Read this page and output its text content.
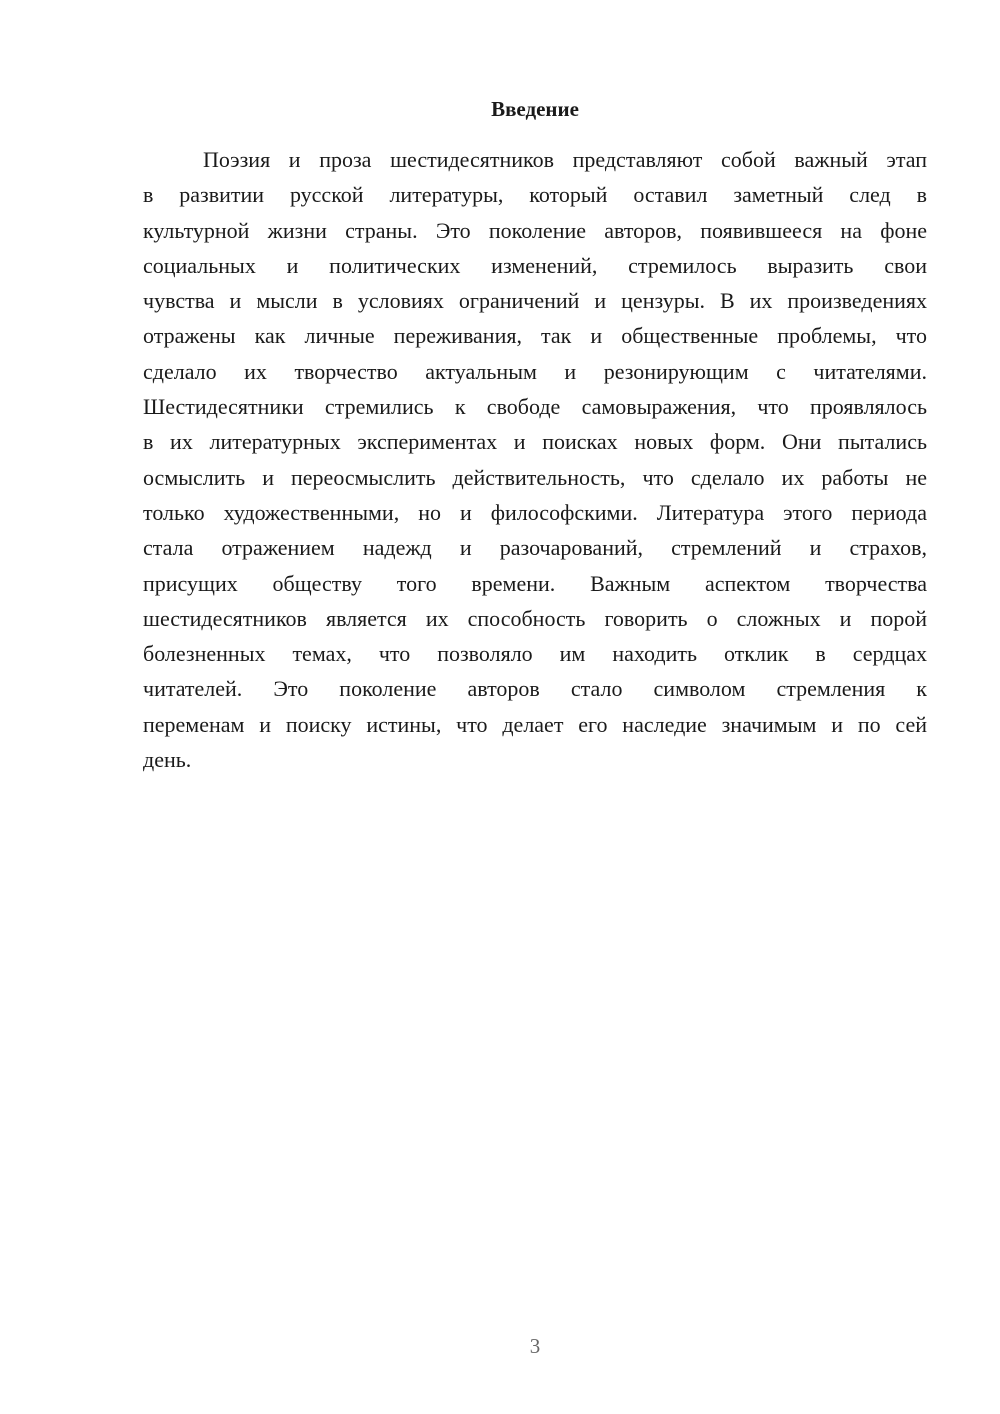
Введение
Поэзия и проза шестидесятников представляют собой важный этап
в развитии русской литературы, который оставил заметный след в
культурной жизни страны. Это поколение авторов, появившееся на фоне
социальных и политических изменений, стремилось выразить свои
чувства и мысли в условиях ограничений и цензуры. В их произведениях
отражены как личные переживания, так и общественные проблемы, что
сделало их творчество актуальным и резонирующим с читателями.
Шестидесятники стремились к свободе самовыражения, что проявлялось
в их литературных экспериментах и поисках новых форм. Они пытались
осмыслить и переосмыслить действительность, что сделало их работы не
только художественными, но и философскими. Литература этого периода
стала отражением надежд и разочарований, стремлений и страхов,
присущих обществу того времени. Важным аспектом творчества
шестидесятников является их способность говорить о сложных и порой
болезненных темах, что позволяло им находить отклик в сердцах
читателей. Это поколение авторов стало символом стремления к
переменам и поиску истины, что делает его наследие значимым и по сей
день.
3
